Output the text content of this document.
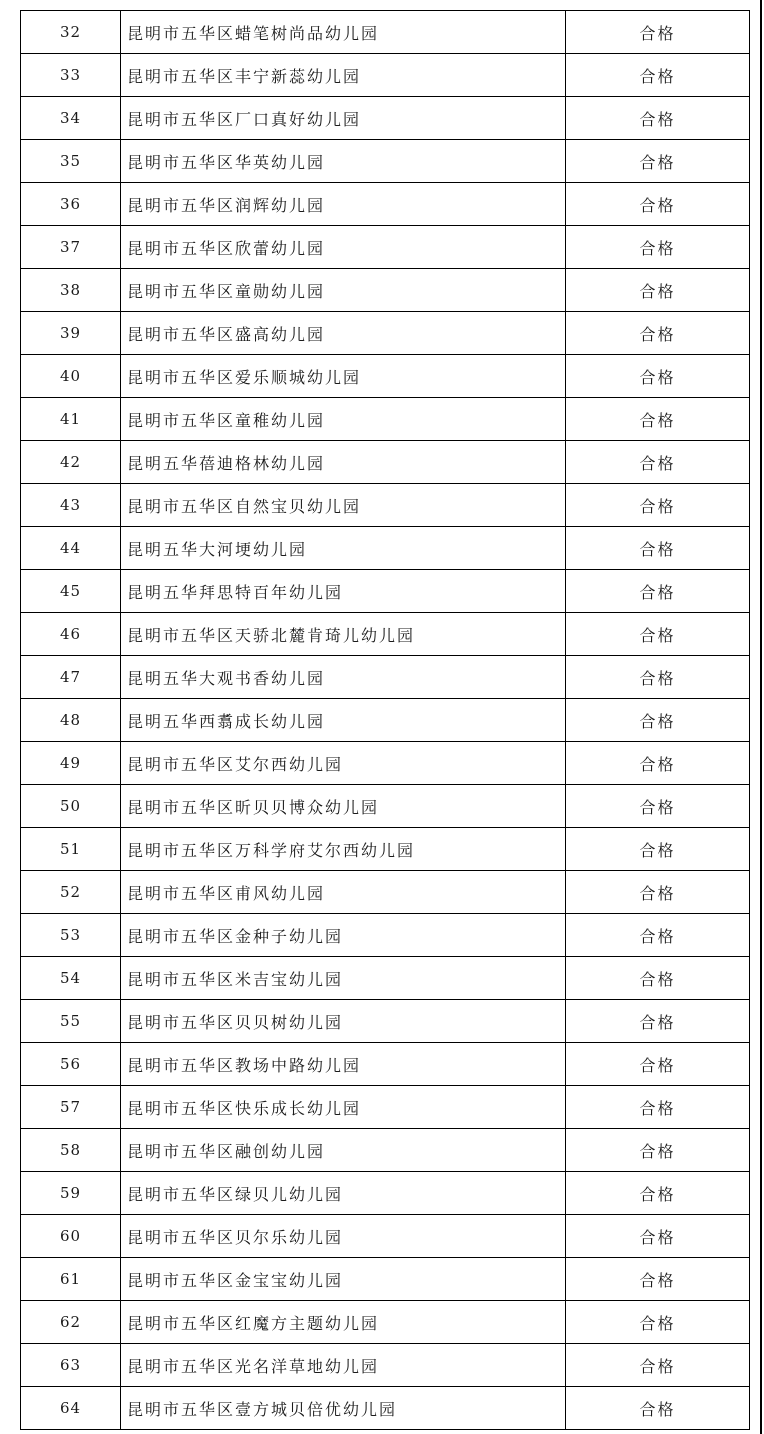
32	昆明市五华区蜡笔树尚品幼儿园	合格
33	昆明市五华区丰宁新蕊幼儿园	合格
34	昆明市五华区厂口真好幼儿园	合格
35	昆明市五华区华英幼儿园	合格
36	昆明市五华区润辉幼儿园	合格
37	昆明市五华区欣蕾幼儿园	合格
38	昆明市五华区童勋幼儿园	合格
39	昆明市五华区盛高幼儿园	合格
40	昆明市五华区爱乐顺城幼儿园	合格
41	昆明市五华区童稚幼儿园	合格
42	昆明五华蓓迪格林幼儿园	合格
43	昆明市五华区自然宝贝幼儿园	合格
44	昆明五华大河埂幼儿园	合格
45	昆明五华拜思特百年幼儿园	合格
46	昆明市五华区天骄北麓肯琦儿幼儿园	合格
47	昆明五华大观书香幼儿园	合格
48	昆明五华西翥成长幼儿园	合格
49	昆明市五华区艾尔西幼儿园	合格
50	昆明市五华区昕贝贝博众幼儿园	合格
51	昆明市五华区万科学府艾尔西幼儿园	合格
52	昆明市五华区甫风幼儿园	合格
53	昆明市五华区金种子幼儿园	合格
54	昆明市五华区米吉宝幼儿园	合格
55	昆明市五华区贝贝树幼儿园	合格
56	昆明市五华区教场中路幼儿园	合格
57	昆明市五华区快乐成长幼儿园	合格
58	昆明市五华区融创幼儿园	合格
59	昆明市五华区绿贝儿幼儿园	合格
60	昆明市五华区贝尔乐幼儿园	合格
61	昆明市五华区金宝宝幼儿园	合格
62	昆明市五华区红魔方主题幼儿园	合格
63	昆明市五华区光名洋草地幼儿园	合格
64	昆明市五华区壹方城贝倍优幼儿园	合格
